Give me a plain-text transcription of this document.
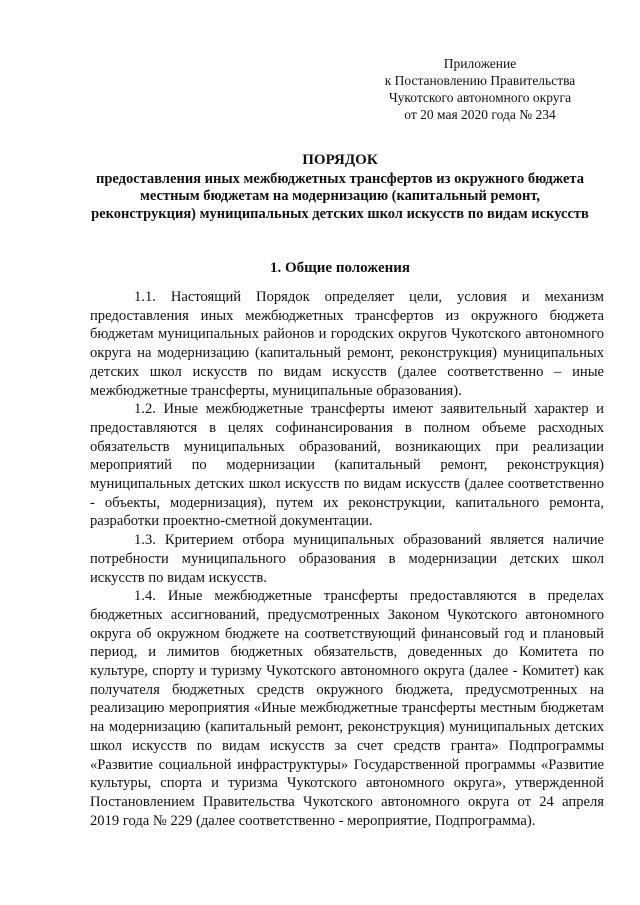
Приложение
к Постановлению Правительства
Чукотского автономного округа
от 20 мая 2020 года № 234
ПОРЯДОК
предоставления иных межбюджетных трансфертов из окружного бюджета местным бюджетам на модернизацию (капитальный ремонт, реконструкция) муниципальных детских школ искусств по видам искусств
1. Общие положения

1.1. Настоящий Порядок определяет цели, условия и механизм предоставления иных межбюджетных трансфертов из окружного бюджета бюджетам муниципальных районов и городских округов Чукотского автономного округа на модернизацию (капитальный ремонт, реконструкция) муниципальных детских школ искусств по видам искусств (далее соответственно – иные межбюджетные трансферты, муниципальные образования).

1.2. Иные межбюджетные трансферты имеют заявительный характер и предоставляются в целях софинансирования в полном объеме расходных обязательств муниципальных образований, возникающих при реализации мероприятий по модернизации (капитальный ремонт, реконструкция) муниципальных детских школ искусств по видам искусств (далее соответственно - объекты, модернизация), путем их реконструкции, капитального ремонта, разработки проектно-сметной документации.

1.3. Критерием отбора муниципальных образований является наличие потребности муниципального образования в модернизации детских школ искусств по видам искусств.

1.4. Иные межбюджетные трансферты предоставляются в пределах бюджетных ассигнований, предусмотренных Законом Чукотского автономного округа об окружном бюджете на соответствующий финансовый год и плановый период, и лимитов бюджетных обязательств, доведенных до Комитета по культуре, спорту и туризму Чукотского автономного округа (далее - Комитет) как получателя бюджетных средств окружного бюджета, предусмотренных на реализацию мероприятия «Иные межбюджетные трансферты местным бюджетам на модернизацию (капитальный ремонт, реконструкция) муниципальных детских школ искусств по видам искусств за счет средств гранта» Подпрограммы «Развитие социальной инфраструктуры» Государственной программы «Развитие культуры, спорта и туризма Чукотского автономного округа», утвержденной Постановлением Правительства Чукотского автономного округа от 24 апреля 2019 года № 229 (далее соответственно - мероприятие, Подпрограмма).
